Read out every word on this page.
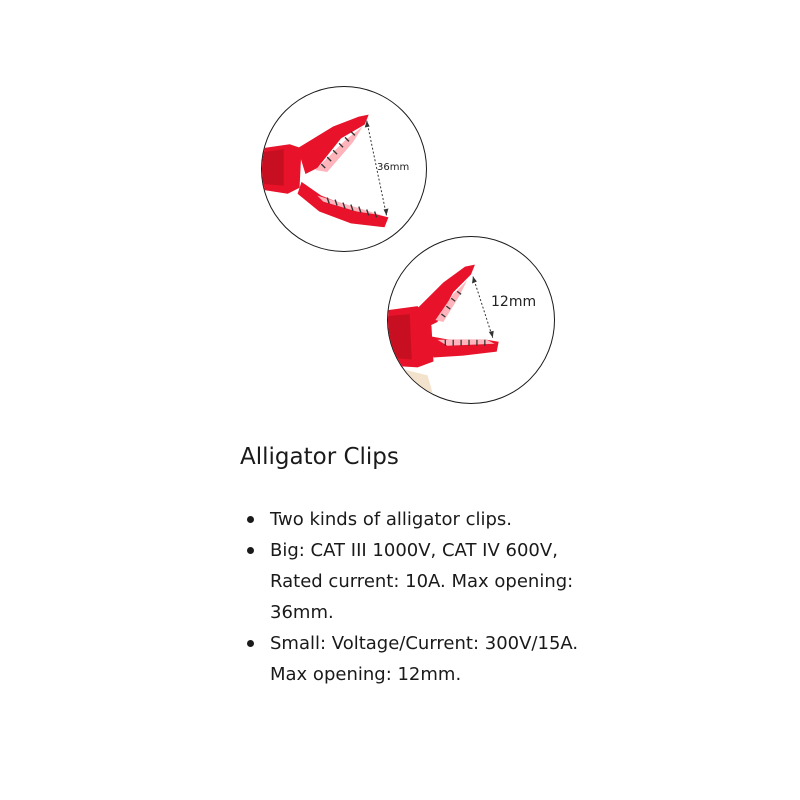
36mm
12mm
Alligator Clips
Two kinds of alligator clips.
Big: CAT III 1000V, CAT IV 600V, Rated current: 10A. Max opening: 36mm.
Small: Voltage/Current: 300V/15A. Max opening: 12mm.
